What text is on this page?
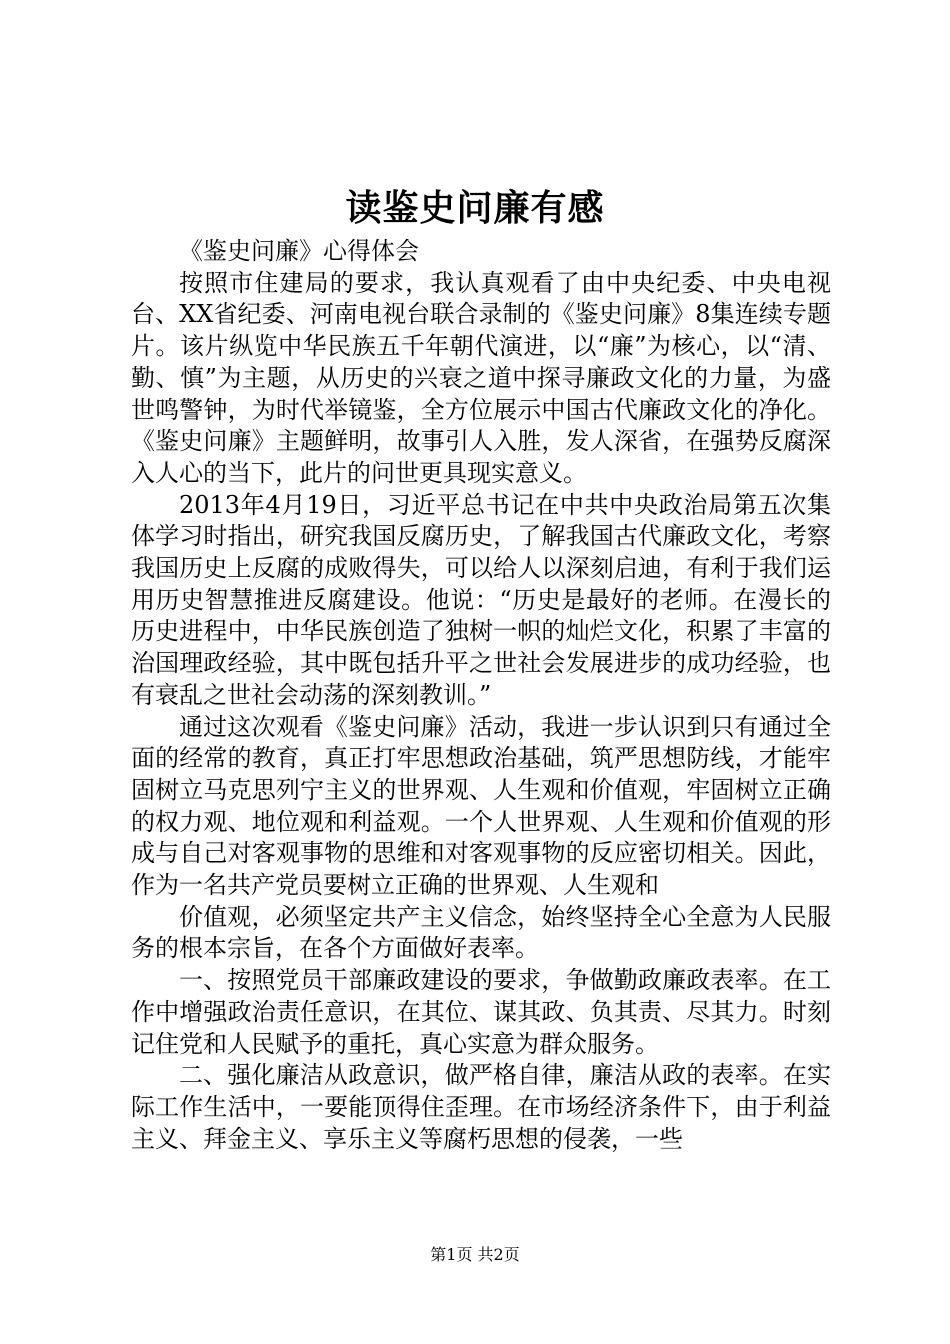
读鉴史问廉有感

《鉴史问廉》心得体会

按照市住建局的要求，我认真观看了由中央纪委、中央电视台、XX省纪委、河南电视台联合录制的《鉴史问廉》8集连续专题片。该片纵览中华民族五千年朝代演进，以“廉”为核心，以“清、勤、慎”为主题，从历史的兴衰之道中探寻廉政文化的力量，为盛世鸣警钟，为时代举镜鉴，全方位展示中国古代廉政文化的净化。《鉴史问廉》主题鲜明，故事引人入胜，发人深省，在强势反腐深入人心的当下，此片的问世更具现实意义。

2013年4月19日，习近平总书记在中共中央政治局第五次集体学习时指出，研究我国反腐历史，了解我国古代廉政文化，考察我国历史上反腐的成败得失，可以给人以深刻启迪，有利于我们运用历史智慧推进反腐建设。他说：“历史是最好的老师。在漫长的历史进程中，中华民族创造了独树一帜的灿烂文化，积累了丰富的治国理政经验，其中既包括升平之世社会发展进步的成功经验，也有衰乱之世社会动荡的深刻教训。”

通过这次观看《鉴史问廉》活动，我进一步认识到只有通过全面的经常的教育，真正打牢思想政治基础，筑严思想防线，才能牢固树立马克思列宁主义的世界观、人生观和价值观，牢固树立正确的权力观、地位观和利益观。一个人世界观、人生观和价值观的形成与自己对客观事物的思维和对客观事物的反应密切相关。因此，作为一名共产党员要树立正确的世界观、人生观和

价值观，必须坚定共产主义信念，始终坚持全心全意为人民服务的根本宗旨，在各个方面做好表率。

一、按照党员干部廉政建设的要求，争做勤政廉政表率。在工作中增强政治责任意识，在其位、谋其政、负其责、尽其力。时刻记住党和人民赋予的重托，真心实意为群众服务。

二、强化廉洁从政意识，做严格自律，廉洁从政的表率。在实际工作生活中，一要能顶得住歪理。在市场经济条件下，由于利益主义、拜金主义、享乐主义等腐朽思想的侵袭，一些

第1页 共2页
